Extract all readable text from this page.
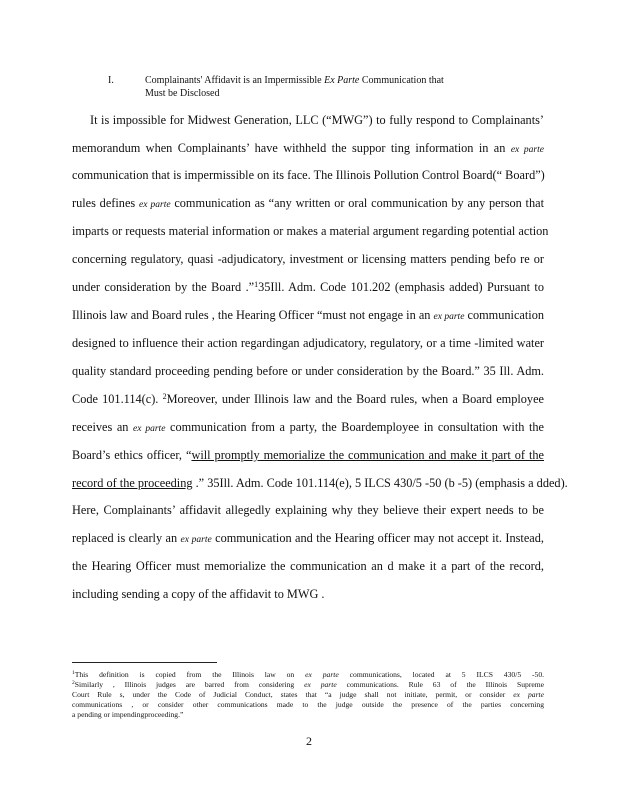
I.	Complainants' Affidavit is an Impermissible Ex Parte Communication that
Must be Disclosed
It is impossible for Midwest Generation, LLC (“MWG”) to fully respond to Complainants’
memorandum when Complainants’ have withheld the suppor ting information in an ex parte
communication that is impermissible on its face. The Illinois Pollution Control Board(“ Board”)
rules defines ex parte communication as “any written or oral communication by any person that
imparts or requests material information or makes a material argument regarding potential action
concerning regulatory, quasi -adjudicatory, investment or licensing matters pending befo re or
under consideration by the Board .”$^1$35Ill. Adm. Code 101.202 (emphasis added) Pursuant to
Illinois law and Board rules , the Hearing Officer “must not engage in an ex parte communication
designed to influence their action regardingan adjudicatory, regulatory, or a time -limited water
quality standard proceeding pending before or under consideration by the Board.” 35 Ill. Adm.
Code 101.114(c). $^2$Moreover, under Illinois law and the Board rules, when a Board employee
receives an ex parte communication from a party, the Boardemployee in consultation with the
Board’s ethics officer, “will promptly memorialize the communication and make it part of the
record of the proceeding .” 35Ill. Adm. Code 101.114(e), 5 ILCS 430/5 -50 (b -5) (emphasis a dded).
Here, Complainants’ affidavit allegedly explaining why they believe their expert needs to be
replaced is clearly an ex parte communication and the Hearing officer may not accept it. Instead,
the Hearing Officer must memorialize the communication an d make it a part of the record,
including sending a copy of the affidavit to MWG .
$^1$This definition is copied from the Illinois law on ex parte communications, located at 5 ILCS 430/5 -50.
$^2$Similarly , Illinois judges are barred from considering ex parte communications. Rule 63 of the Illinois Supreme
Court Rule s, under the Code of Judicial Conduct, states that “a judge shall not initiate, permit, or consider ex parte
communications , or consider other communications made to the judge outside the presence of the parties concerning
a pending or impendingproceeding.”
2
